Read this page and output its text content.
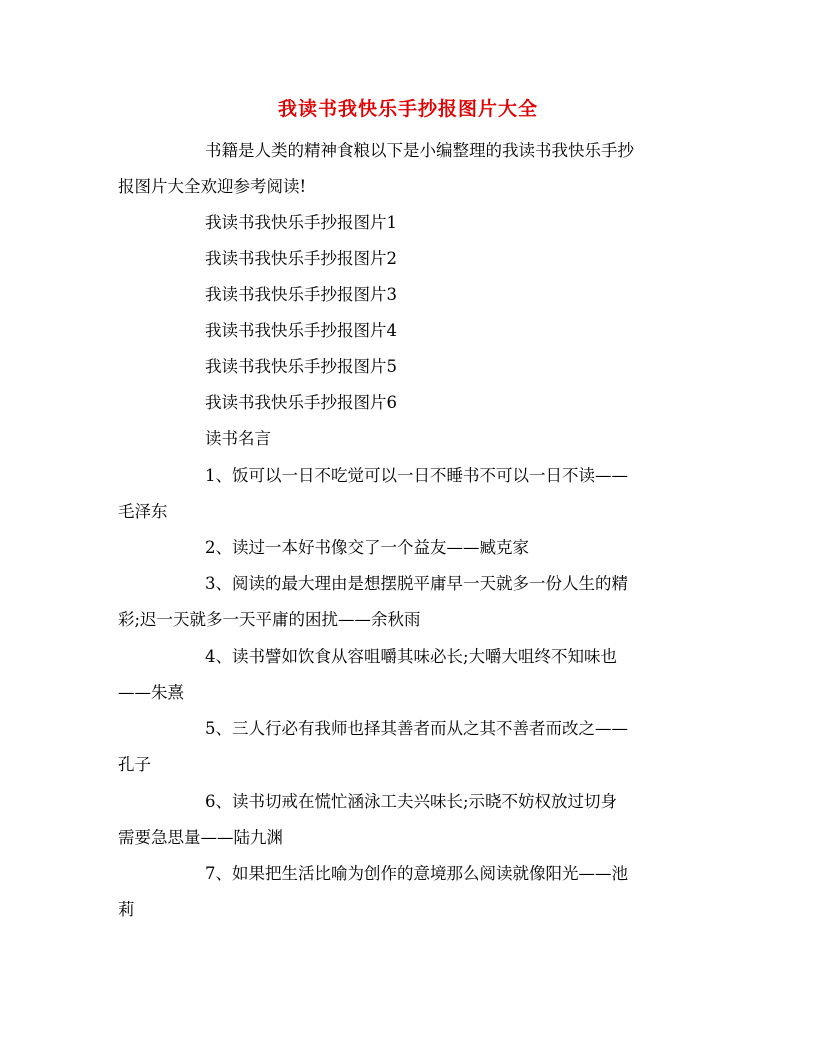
我读书我快乐手抄报图片大全
书籍是人类的精神食粮以下是小编整理的我读书我快乐手抄
报图片大全欢迎参考阅读!
我读书我快乐手抄报图片1
我读书我快乐手抄报图片2
我读书我快乐手抄报图片3
我读书我快乐手抄报图片4
我读书我快乐手抄报图片5
我读书我快乐手抄报图片6
读书名言
1、饭可以一日不吃觉可以一日不睡书不可以一日不读——
毛泽东
2、读过一本好书像交了一个益友——臧克家
3、阅读的最大理由是想摆脱平庸早一天就多一份人生的精
彩;迟一天就多一天平庸的困扰——余秋雨
4、读书譬如饮食从容咀嚼其味必长;大嚼大咀终不知味也
——朱熹
5、三人行必有我师也择其善者而从之其不善者而改之——
孔子
6、读书切戒在慌忙涵泳工夫兴味长;示晓不妨权放过切身
需要急思量——陆九渊
7、如果把生活比喻为创作的意境那么阅读就像阳光——池
莉
